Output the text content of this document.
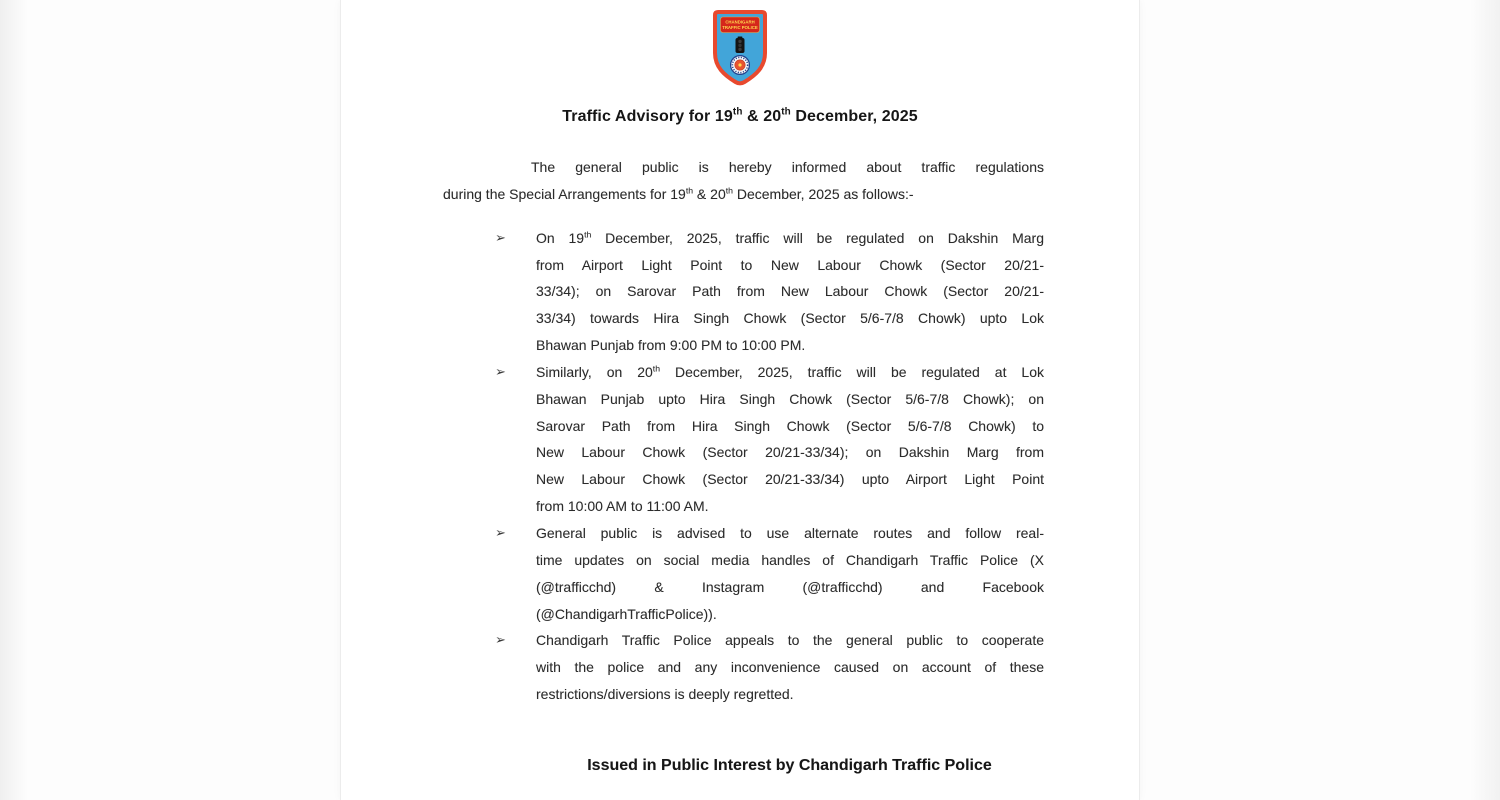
CHANDIGARH
TRAFFIC POLICE
Traffic Advisory for 19th & 20th December, 2025
The general public is hereby informed about traffic regulations
during the Special Arrangements for 19th & 20th December, 2025 as follows:-
➢ On 19th December, 2025, traffic will be regulated on Dakshin Marg
from Airport Light Point to New Labour Chowk (Sector 20/21-
33/34); on Sarovar Path from New Labour Chowk (Sector 20/21-
33/34) towards Hira Singh Chowk (Sector 5/6-7/8 Chowk) upto Lok
Bhawan Punjab from 9:00 PM to 10:00 PM.
➢ Similarly, on 20th December, 2025, traffic will be regulated at Lok
Bhawan Punjab upto Hira Singh Chowk (Sector 5/6-7/8 Chowk); on
Sarovar Path from Hira Singh Chowk (Sector 5/6-7/8 Chowk) to
New Labour Chowk (Sector 20/21-33/34); on Dakshin Marg from
New Labour Chowk (Sector 20/21-33/34) upto Airport Light Point
from 10:00 AM to 11:00 AM.
➢ General public is advised to use alternate routes and follow real-
time updates on social media handles of Chandigarh Traffic Police (X
(@trafficchd) & Instagram (@trafficchd) and Facebook
(@ChandigarhTrafficPolice)).
➢ Chandigarh Traffic Police appeals to the general public to cooperate
with the police and any inconvenience caused on account of these
restrictions/diversions is deeply regretted.
Issued in Public Interest by Chandigarh Traffic Police
